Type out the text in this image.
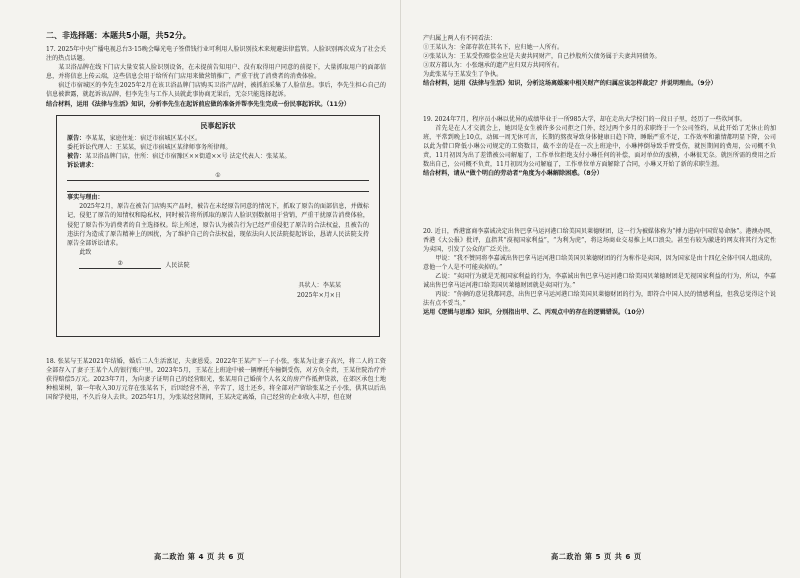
二、非选择题：本题共5小题，共52分。

17. 2025年中央广播电视总台3·15晚会曝光电子签借钱行业可利用人脸识别技术来规避法律监管。人脸识别再次成为了社会关注的热点话题。

某卫浴品牌在线下门店大量安装人脸识别设备，在未提前告知用户、没有取得用户同意的前提下，大量抓取用户的面部信息，并将信息上传云端，这些信息会用于给所有门店用来做营销推广，严重干扰了消费者的消费体验。

宿迁市宿城区的李先生2025年2月在该卫浴品牌门店购买卫浴产品时，被抓拍采集了人脸信息。事后，李先生担心自己的信息被泄露，就起诉该品牌，但李先生与工作人员就此事协商无果后，无奈只能选择起诉。

结合材料，运用《法律与生活》知识，分析李先生在起诉前应做的准备并帮李先生完成一份民事起诉状。（11分）

民事起诉状

原告：李某某，家庭住址：宿迁市宿城区某小区。

委托诉讼代理人：王某某，宿迁市宿城区某律师事务所律师。

被告：某卫浴品牌门店，住所：宿迁市宿豫区××街道××号 法定代表人：张某某。

诉讼请求：

①

事实与理由：

2025年2月，原告在被告门店购买产品时，被告在未经原告同意的情况下，抓取了原告的面部信息，并做标记，侵犯了原告的知情权和隐私权，同时被告将所抓取的原告人脸识别数据用于营销，严重干扰原告消费体验，侵犯了原告作为消费者的自主选择权。综上所述，原告认为被告行为已经严重侵犯了原告的合法权益，且被告的违法行为造成了原告精神上的困扰，为了维护自己的合法权益，现依法向人民法院提起诉讼，恳请人民法院支持原告全部诉讼请求。

此致

②	人民法院

具状人：李某某

2025年×月×日

18. 张某与王某2021年结婚，婚后二人生活富足，夫妻恩爱。2022年王某产下一子小张，张某为让妻子高兴，将二人的工资全部存入了妻子王某个人的银行账户里。2023年5月，王某在上班途中被一辆摩托车撞倒受伤，对方负全责，王某住院治疗并获得赔偿5万元。2023年7月，为向妻子证明自己的经营眼光，张某用自己婚前个人名义的房产作抵押贷款，在郊区承包土地种植果树，第一年收入30万元存在张某名下，后因经营不善，辛苦了，返土还乡，将全部对产留给张某之子小张，供其以后出国留学使用，不久后身人去世。2025年1月，为张某经营期间，王某决定离婚，自己经营的企业收入丰厚，但在财

高二政治 第 4 页 共 6 页

产归属上两人有不同看法：

①王某认为：全部存款在其名下，应归她一人所有。

②张某认为：王某受伤赔偿金应是夫妻共同财产，自己抄股所欠债务属于夫妻共同债务。

③双方都认为：小张继承的遗产应归双方共同所有。

为此张某与王某发生了争执。

结合材料，运用《法律与生活》知识，分析这场离婚案中相关财产的归属应该怎样裁定？并说明理由。（9分）

19. 2024年7月，程序员小琳以优异的成绩毕业于一所985大学，却在走出大学校门的一段日子里，经历了一些坎坷事。

首先是在人才交流会上，她因是女生被许多公司拒之门外，经过两个多月的求职终于一个公司签约，从此开始了无休止的加班，平常到晚上10点，动辄一周无休可言，长期的熬夜导致身体健康日趋下降，睡眠严重不足，工作效率和激情都明显下降，公司以此为借口降低小琳公司规定的工资数目，截不幸的是在一次上班途中，小琳摔倒导致手臂受伤，就医期间的费用，公司概不负责，11月初因为出了差错被公司解雇了，工作单位拒绝支付小琳任何的补偿，面对单位的蛮横，小琳很无奈。就医所需的费用之后数出自己，公司概不负责，11月初因为公司解雇了，工作单位单方面解除了合同，小琳又开始了新的求职生涯。

结合材料，请从“做个明白的劳动者”角度为小琳解除困惑。（8分）

20. 近日，香港富商李嘉诚决定出售巴拿马运河港口给美国贝莱德财团，这一行为被媒体称为“搏力进向中国贸易命脉”。港澳办网、香港《大公报》批评，直指其“漠视国家利益”，“为利为虎”，将这场商业交易推上风口浪尖。甚至有较为激进的网友将其行为定性为卖国，引发了公众的广泛关注。

甲说：“我不赞同将李嘉诚出售巴拿马运河港口给美国贝莱德财团的行为称作是卖国，因为国家是由十四亿全体中国人组成的，意他一个人是不可能卖掉的。”

乙说：“卖国行为就是无视国家利益的行为，李嘉诚出售巴拿马运河港口给美国贝莱德财团是无视国家利益的行为，所以，李嘉诚出售巴拿马运河港口给美国贝莱德财团就是卖国行为。”

丙说：“你俩的意见我都同意，出售巴拿马运河港口给美国贝莱德财团的行为，即符合中国人民的情感利益，但我总觉得这个说法有点不妥当。”

运用《逻辑与思维》知识，分别指出甲、乙、丙观点中的存在的逻辑错误。（10分）

高二政治 第 5 页 共 6 页
